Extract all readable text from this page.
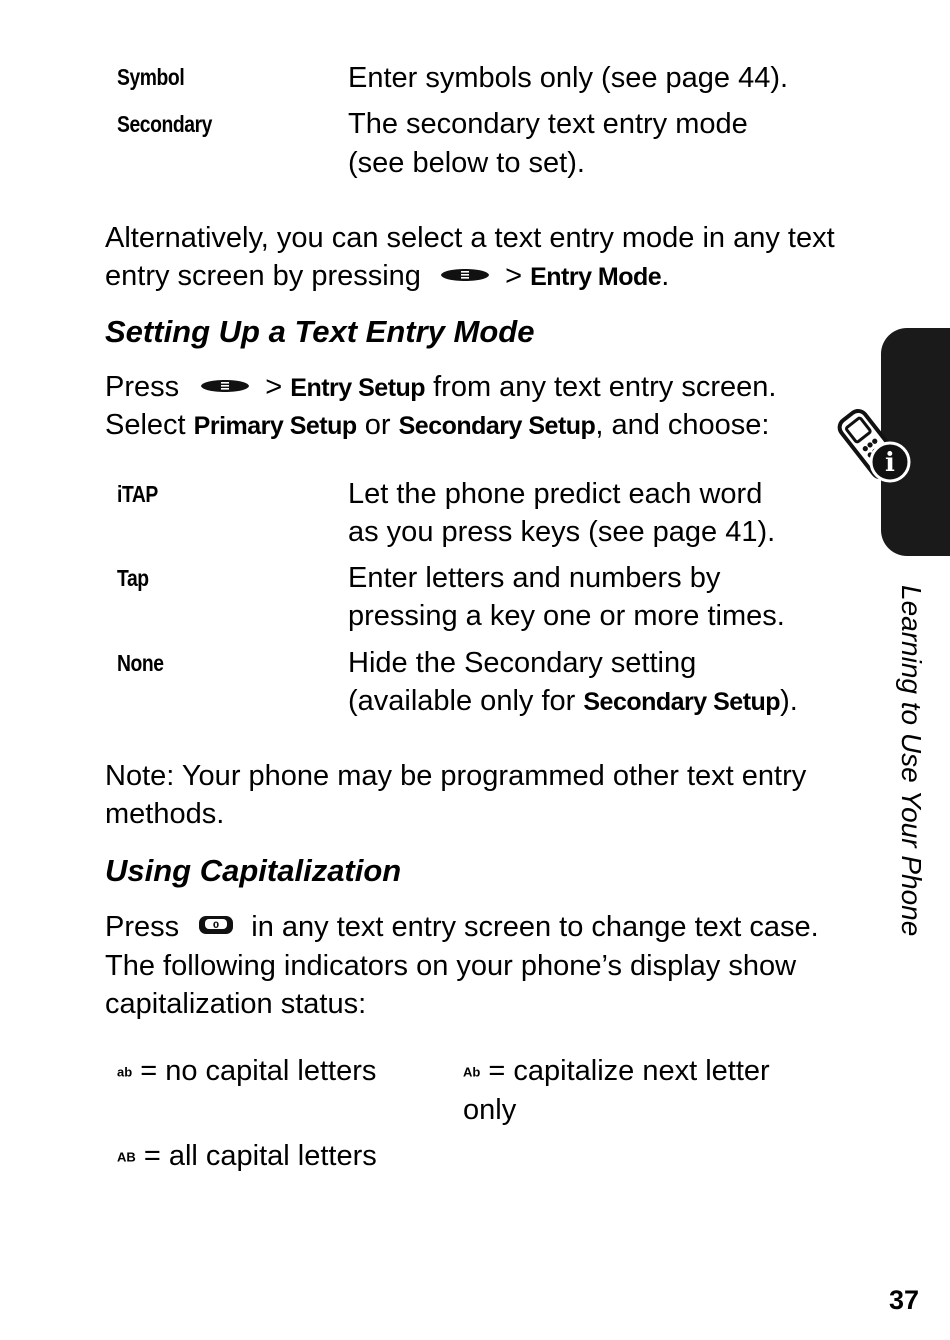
Symbol	Enter symbols only (see page 44).
Secondary	The secondary text entry mode
(see below to set).
Alternatively, you can select a text entry mode in any text
entry screen by pressing	> Entry Mode.
Setting Up a Text Entry Mode
Press	> Entry Setup from any text entry screen.
Select Primary Setup or Secondary Setup, and choose:
iTAP	Let the phone predict each word
as you press keys (see page 41).
Tap	Enter letters and numbers by
pressing a key one or more times.
None	Hide the Secondary setting
(available only for Secondary Setup).
Note: Your phone may be programmed other text entry
methods.
Using Capitalization
Press	0 in any text entry screen to change text case.
The following indicators on your phone’s display show
capitalization status:
ab = no capital letters	Ab = capitalize next letter
only
AB = all capital letters
i
Learning to Use Your Phone
37
